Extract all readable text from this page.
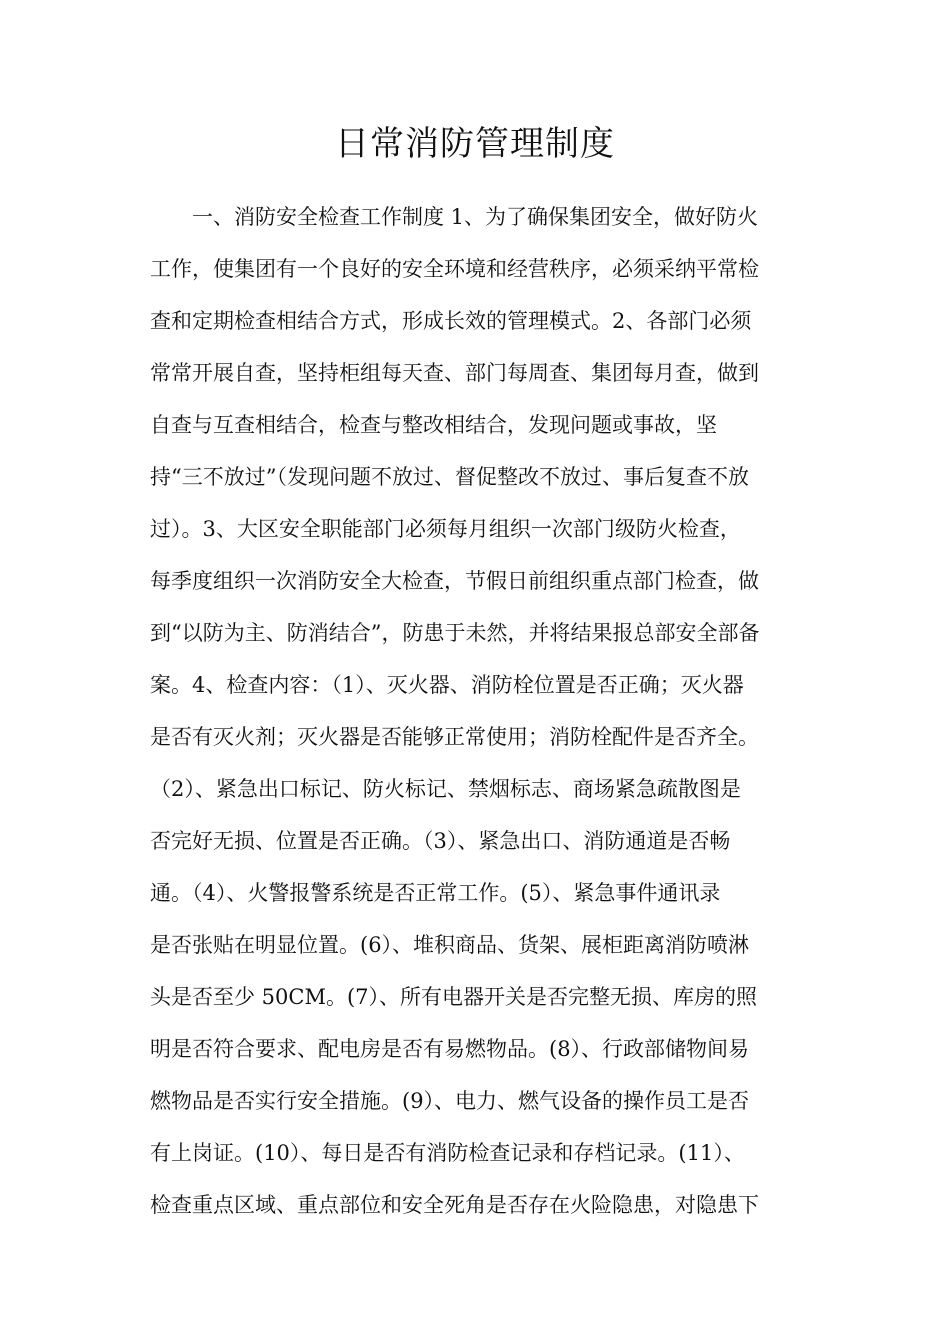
日常消防管理制度
　　一、消防安全检查工作制度 1、为了确保集团安全，做好防火
工作，使集团有一个良好的安全环境和经营秩序，必须采纳平常检
查和定期检查相结合方式，形成长效的管理模式。2、各部门必须
常常开展自查，坚持柜组每天查、部门每周查、集团每月查，做到
自查与互查相结合，检查与整改相结合，发现问题或事故，坚
持“三不放过”（发现问题不放过、督促整改不放过、事后复查不放
过）。3、大区安全职能部门必须每月组织一次部门级防火检查，
每季度组织一次消防安全大检查，节假日前组织重点部门检查，做
到“以防为主、防消结合”，防患于未然，并将结果报总部安全部备
案。4、检查内容：（1）、灭火器、消防栓位置是否正确；灭火器
是否有灭火剂；灭火器是否能够正常使用；消防栓配件是否齐全。
（2）、紧急出口标记、防火标记、禁烟标志、商场紧急疏散图是
否完好无损、位置是否正确。（3）、紧急出口、消防通道是否畅
通。（4）、火警报警系统是否正常工作。(5）、紧急事件通讯录
是否张贴在明显位置。(6）、堆积商品、货架、展柜距离消防喷淋
头是否至少 50CM。(7）、所有电器开关是否完整无损、库房的照
明是否符合要求、配电房是否有易燃物品。(8）、行政部储物间易
燃物品是否实行安全措施。(9）、电力、燃气设备的操作员工是否
有上岗证。(10）、每日是否有消防检查记录和存档记录。(11）、
检查重点区域、重点部位和安全死角是否存在火险隐患，对隐患下
